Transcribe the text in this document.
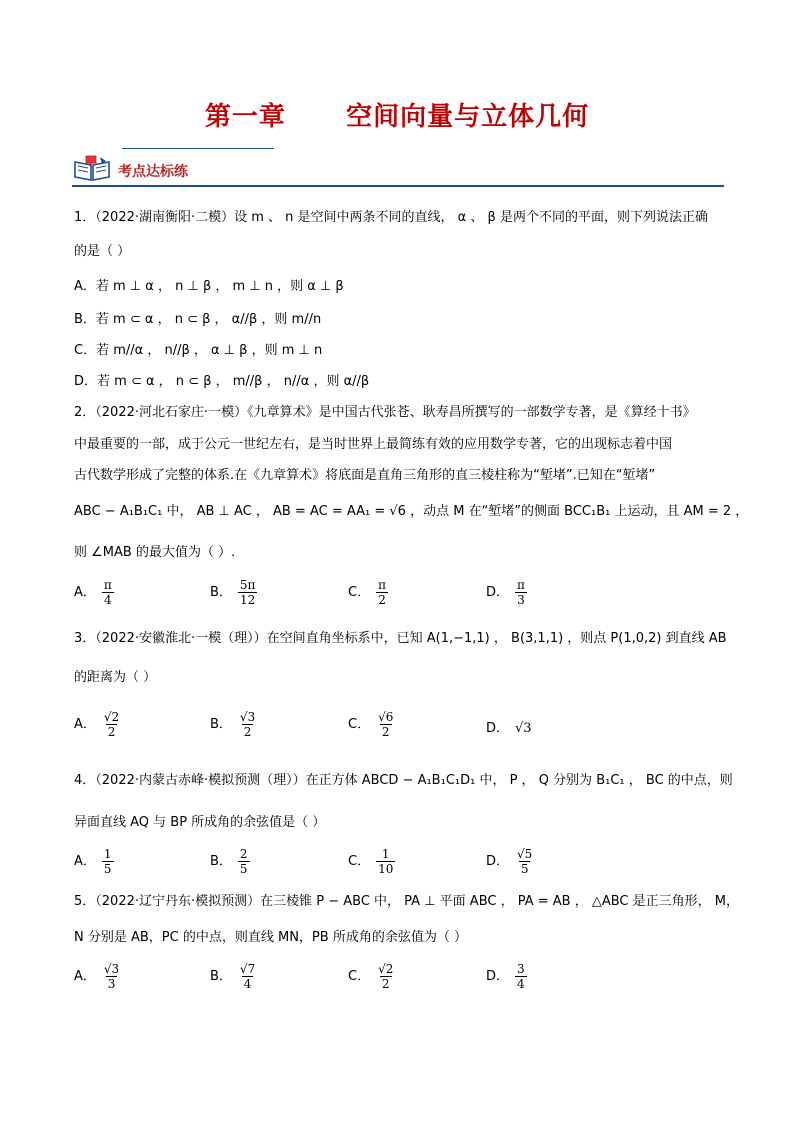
第一章      空间向量与立体几何
考点达标练
1．（2022·湖南衡阳·二模）设 m 、 n 是空间中两条不同的直线， α 、 β 是两个不同的平面，则下列说法正确
的是（ ）
A．若 m ⊥ α ， n ⊥ β ， m ⊥ n ，则 α ⊥ β
B．若 m ⊂ α ， n ⊂ β ， α//β ，则 m//n
C．若 m//α ， n//β ， α ⊥ β ，则 m ⊥ n
D．若 m ⊂ α ， n ⊂ β ， m//β ， n//α ，则 α//β
2．（2022·河北石家庄·一模）《九章算术》是中国古代张苍、耿寿昌所撰写的一部数学专著，是《算经十书》
中最重要的一部，成于公元一世纪左右，是当时世界上最简练有效的应用数学专著，它的出现标志着中国
古代数学形成了完整的体系.在《九章算术》将底面是直角三角形的直三棱柱称为“堑堵”.已知在“堑堵”
ABC − A₁B₁C₁ 中， AB ⊥ AC ， AB = AC = AA₁ = √6 ，动点 M 在“堑堵”的侧面 BCC₁B₁ 上运动，且 AM = 2 ，
则 ∠MAB 的最大值为（ ）.
A． $\frac{\pi}{4}$	B． $\frac{5\pi}{12}$	C． $\frac{\pi}{2}$	D． $\frac{\pi}{3}$
3．（2022·安徽淮北·一模（理））在空间直角坐标系中，已知 A(1,−1,1) ， B(3,1,1) ，则点 P(1,0,2) 到直线 AB
的距离为（ ）
A． $\frac{√2}{2}$	B． $\frac{√3}{2}$	C． $\frac{√6}{2}$	D． √3
4．（2022·内蒙古赤峰·模拟预测（理））在正方体 ABCD − A₁B₁C₁D₁ 中， P ， Q 分别为 B₁C₁ ， BC 的中点，则
异面直线 AQ 与 BP 所成角的余弦值是（ ）
A． $\frac{1}{5}$	B． $\frac{2}{5}$	C． $\frac{1}{10}$	D． $\frac{√5}{5}$
5．（2022·辽宁丹东·模拟预测）在三棱锥 P − ABC 中， PA ⊥ 平面 ABC ， PA = AB ， △ABC 是正三角形， M，
N 分别是 AB，PC 的中点，则直线 MN，PB 所成角的余弦值为（ ）
A． $\frac{√3}{3}$	B． $\frac{√7}{4}$	C． $\frac{√2}{2}$	D． $\frac{3}{4}$
